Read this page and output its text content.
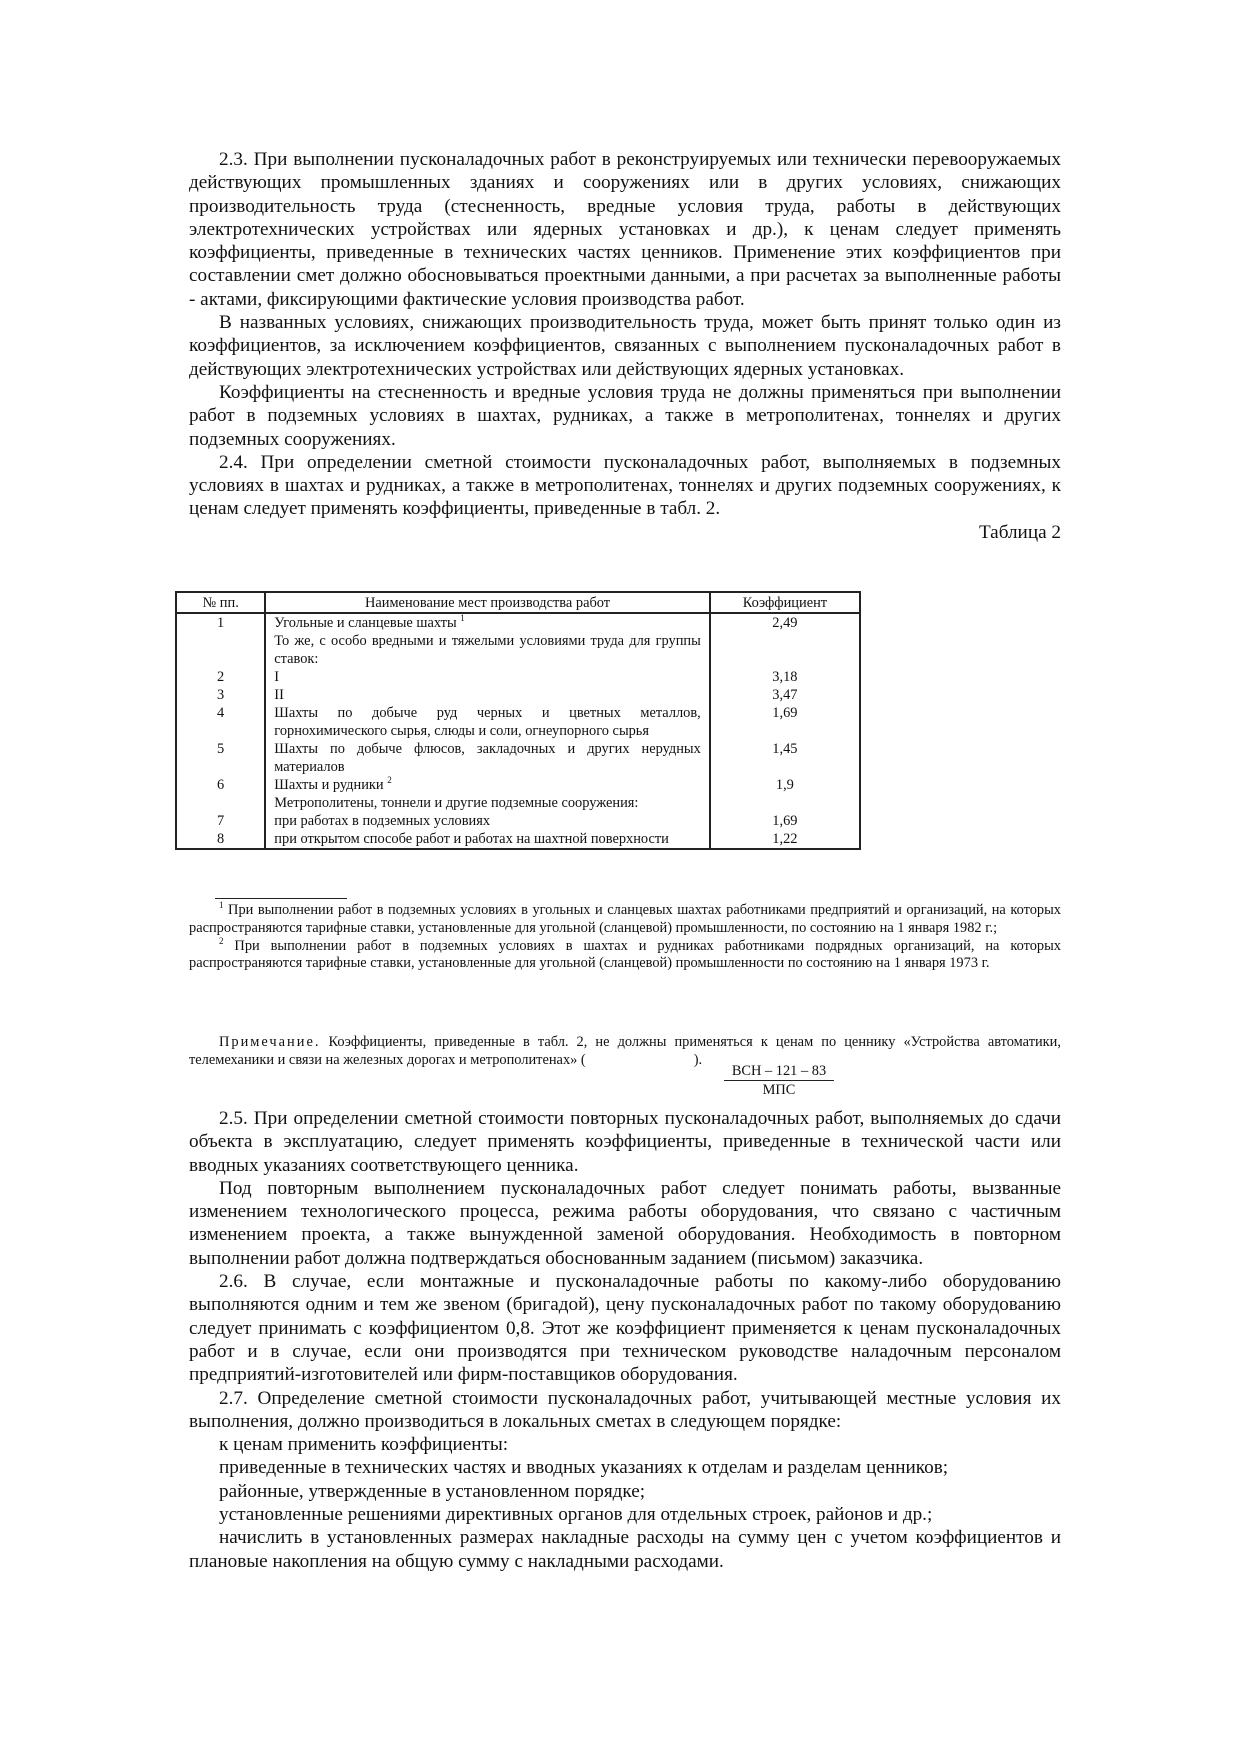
2.3. При выполнении пусконаладочных работ в реконструируемых или технически перевооружаемых действующих промышленных зданиях и сооружениях или в других условиях, снижающих производительность труда (стесненность, вредные условия труда, работы в действующих электротехнических устройствах или ядерных установках и др.), к ценам следует применять коэффициенты, приведенные в технических частях ценников. Применение этих коэффициентов при составлении смет должно обосновываться проектными данными, а при расчетах за выполненные работы - актами, фиксирующими фактические условия производства работ.

В названных условиях, снижающих производительность труда, может быть принят только один из коэффициентов, за исключением коэффициентов, связанных с выполнением пусконаладочных работ в действующих электротехнических устройствах или действующих ядерных установках.

Коэффициенты на стесненность и вредные условия труда не должны применяться при выполнении работ в подземных условиях в шахтах, рудниках, а также в метрополитенах, тоннелях и других подземных сооружениях.

2.4. При определении сметной стоимости пусконаладочных работ, выполняемых в подземных условиях в шахтах и рудниках, а также в метрополитенах, тоннелях и других подземных сооружениях, к ценам следует применять коэффициенты, приведенные в табл. 2.

Таблица 2

№ пп.	Наименование мест производства работ	Коэффициент
1	Угольные и сланцевые шахты $^1$	2,49
	То же, с особо вредными и тяжелыми условиями труда для группы ставок:	
2	I	3,18
3	II	3,47
4	Шахты по добыче руд черных и цветных металлов, горнохимического сырья, слюды и соли, огнеупорного сырья	1,69
5	Шахты по добыче флюсов, закладочных и других нерудных материалов	1,45
6	Шахты и рудники $^2$	1,9
	Метрополитены, тоннели и другие подземные сооружения:	
7	при работах в подземных условиях	1,69
8	при открытом способе работ и работах на шахтной поверхности	1,22

$^1$ При выполнении работ в подземных условиях в угольных и сланцевых шахтах работниками предприятий и организаций, на которых распространяются тарифные ставки, установленные для угольной (сланцевой) промышленности, по состоянию на 1 января 1982 г.;

$^2$ При выполнении работ в подземных условиях в шахтах и рудниках работниками подрядных организаций, на которых распространяются тарифные ставки, установленные для угольной (сланцевой) промышленности по состоянию на 1 января 1973 г.

Примечание. Коэффициенты, приведенные в табл. 2, не должны применяться к ценам по ценнику «Устройства автоматики, телемеханики и связи на железных дорогах и метрополитенах» (	).

ВСН – 121 – 83
МПС

2.5. При определении сметной стоимости повторных пусконаладочных работ, выполняемых до сдачи объекта в эксплуатацию, следует применять коэффициенты, приведенные в технической части или вводных указаниях соответствующего ценника.

Под повторным выполнением пусконаладочных работ следует понимать работы, вызванные изменением технологического процесса, режима работы оборудования, что связано с частичным изменением проекта, а также вынужденной заменой оборудования. Необходимость в повторном выполнении работ должна подтверждаться обоснованным заданием (письмом) заказчика.

2.6. В случае, если монтажные и пусконаладочные работы по какому-либо оборудованию выполняются одним и тем же звеном (бригадой), цену пусконаладочных работ по такому оборудованию следует принимать с коэффициентом 0,8. Этот же коэффициент применяется к ценам пусконаладочных работ и в случае, если они производятся при техническом руководстве наладочным персоналом предприятий-изготовителей или фирм-поставщиков оборудования.

2.7. Определение сметной стоимости пусконаладочных работ, учитывающей местные условия их выполнения, должно производиться в локальных сметах в следующем порядке:

к ценам применить коэффициенты:

приведенные в технических частях и вводных указаниях к отделам и разделам ценников;

районные, утвержденные в установленном порядке;

установленные решениями директивных органов для отдельных строек, районов и др.;

начислить в установленных размерах накладные расходы на сумму цен с учетом коэффициентов и плановые накопления на общую сумму с накладными расходами.
